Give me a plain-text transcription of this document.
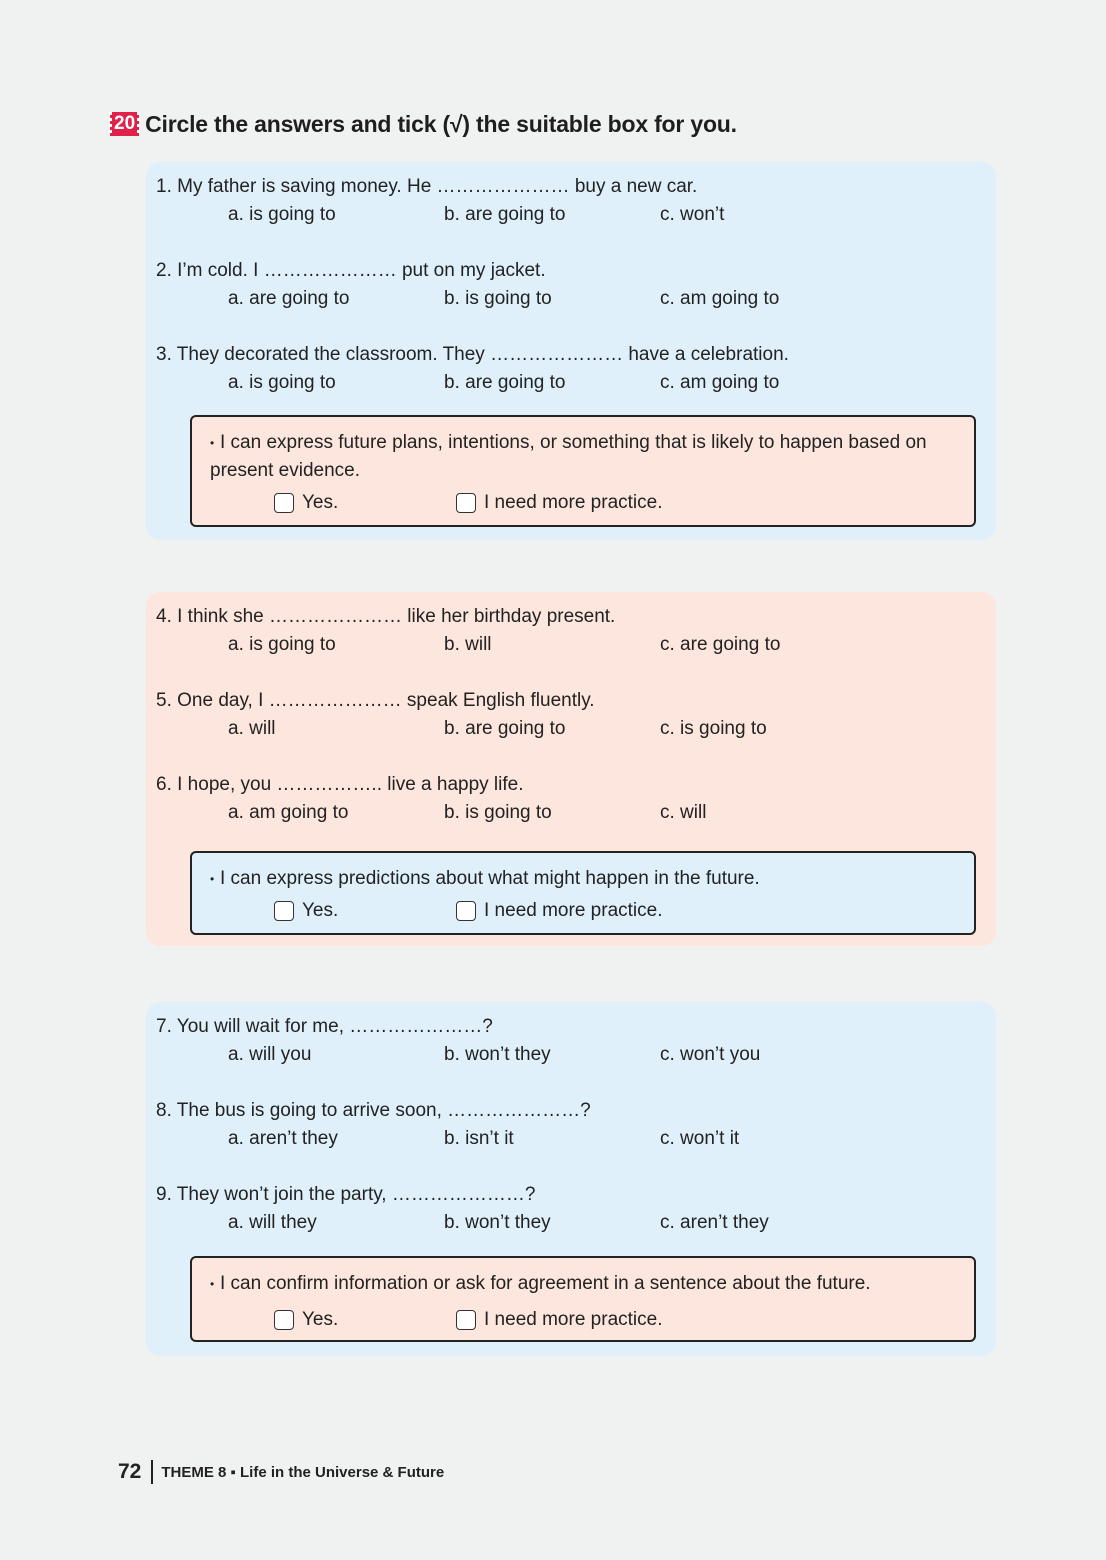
20 Circle the answers and tick (√) the suitable box for you.
1. My father is saving money. He ………………… buy a new car.
a. is going to	b. are going to	c. won’t
2. I’m cold. I ………………… put on my jacket.
a. are going to	b. is going to	c. am going to
3. They decorated the classroom. They ………………… have a celebration.
a. is going to	b. are going to	c. am going to
• I can express future plans, intentions, or something that is likely to happen based on present evidence.
Yes.	I need more practice.
4. I think she ………………… like her birthday present.
a. is going to	b. will	c. are going to
5. One day, I ………………… speak English fluently.
a. will	b. are going to	c. is going to
6. I hope, you …………….. live a happy life.
a. am going to	b. is going to	c. will
• I can express predictions about what might happen in the future.
Yes.	I need more practice.
7. You will wait for me, …………………?
a. will you	b. won’t they	c. won’t you
8. The bus is going to arrive soon, …………………?
a. aren’t they	b. isn’t it	c. won’t it
9. They won’t join the party, …………………?
a. will they	b. won’t they	c. aren’t they
• I can confirm information or ask for agreement in a sentence about the future.
Yes.	I need more practice.
72 THEME 8 ▪ Life in the Universe & Future
